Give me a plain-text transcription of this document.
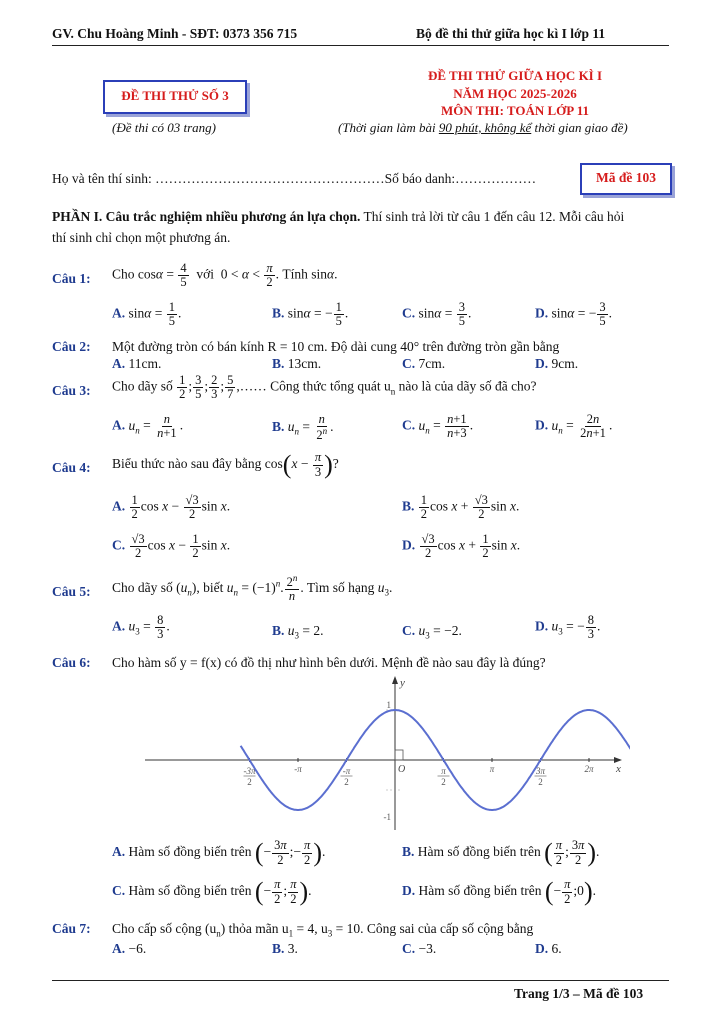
GV. Chu Hoàng Minh - SĐT: 0373 356 715	Bộ đề thi thử giữa học kì I lớp 11
ĐỀ THI THỬ SỐ 3
(Đề thi có 03 trang)
ĐỀ THI THỬ GIỮA HỌC KÌ I
NĂM HỌC 2025-2026
MÔN THI: TOÁN LỚP 11
(Thời gian làm bài 90 phút, không kể thời gian giao đề)
Họ và tên thí sinh: ……………………………………………Số báo danh:………………	Mã đề 103
PHẦN I. Câu trắc nghiệm nhiều phương án lựa chọn. Thí sinh trả lời từ câu 1 đến câu 12. Mỗi câu hỏi
thí sinh chỉ chọn một phương án.
Câu 1: Cho $\cos\alpha = \frac{4}{5}$ với  $0 < \alpha < \frac{\pi}{2}$ . Tính sinα.
A. $\sin\alpha = \frac{1}{5}$ .	B. sinα = − $\frac{1}{5}$ .	C. $\sin\alpha = \frac{3}{5}$ .	D. sinα = − $\frac{3}{5}$ .
Câu 2: Một đường tròn có bán kính R = 10 cm. Độ dài cung 40° trên đường tròn gần bằng
A. 11cm.	B. 13cm.	C. 7cm.	D. 9cm.
Câu 3: Cho dãy số $\frac{1}{2}$ ; $\frac{3}{5}$ ; $\frac{2}{3}$ ; $\frac{5}{7}$ ,…… Công thức tổng quát $u_n$ nào là của dãy số đã cho?
A. $u_n = \frac{n}{n+1}$ .	B. $u_n = \frac{n}{2^n}$ .	C. $u_n = \frac{n+1}{n+3}$ .	D. $u_n = \frac{2n}{2n+1}$ .
Câu 4: Biểu thức nào sau đây bằng $\cos(x - \frac{\pi}{3}$ )?
A. $\frac{1}{2}$ $\cos x - \frac{√3}{2}$ sin x.	B. $\frac{1}{2}$ $\cos x + \frac{√3}{2}$ sin x.
C. $\frac{√3}{2}$ $\cos x - \frac{1}{2}$ sin x.	D. $\frac{√3}{2}$ $\cos x + \frac{1}{2}$ sin x.
Câu 5: Cho dãy số $(u_n)$, biết $u_n = (-1)^n$. $\frac{2^n}{n}$ . Tìm số hạng $u_3$.
A. $u_3 = \frac{8}{3}$ .	B. $u_3 = 2$.	C. $u_3 = -2$.	D. $u_3$ = − $\frac{8}{3}$ .
Câu 6: Cho hàm số y = f(x) có đồ thị như hình bên dưới. Mệnh đề nào sau đây là đúng?
-3π
2
-π	-π
2
O	π
2
π	3π
2
2π
1
-1
x
y
A. Hàm số đồng biến trên (− $\frac{3\pi}{2}$ ;− $\frac{\pi}{2}$ ).	B. Hàm số đồng biến trên ( $\frac{\pi}{2}$ ; $\frac{3\pi}{2}$ ).
C. Hàm số đồng biến trên (− $\frac{\pi}{2}$ ; $\frac{\pi}{2}$ ).	D. Hàm số đồng biến trên (− $\frac{\pi}{2}$ ;0).
Câu 7: Cho cấp số cộng $(u_n)$ thỏa mãn $u_1 = 4$, $u_3 = 10$. Công sai của cấp số cộng bằng
A. −6.	B. 3.	C. −3.	D. 6.
Trang 1/3 – Mã đề 103
